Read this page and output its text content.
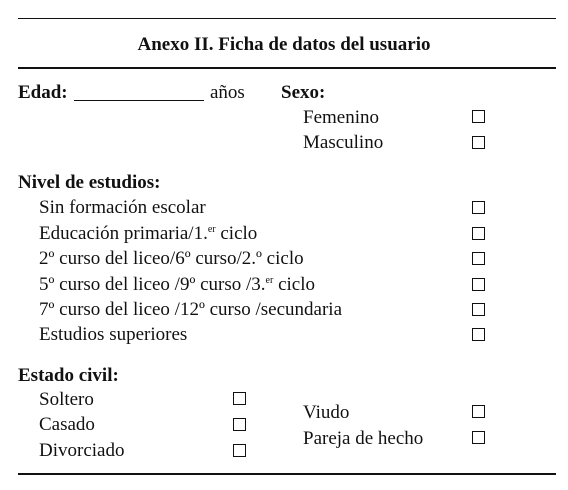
Anexo II. Ficha de datos del usuario
Edad:	años Sexo:
Femenino
Masculino
Nivel de estudios:
Sin formación escolar
Educación primaria/1.$^{er}$ ciclo
2º curso del liceo/6º curso/2.º ciclo
5º curso del liceo /9º curso /3.$^{er}$ ciclo
7º curso del liceo /12º curso /secundaria
Estudios superiores
Estado civil:
Soltero
Casado
Divorciado
Viudo
Pareja de hecho
